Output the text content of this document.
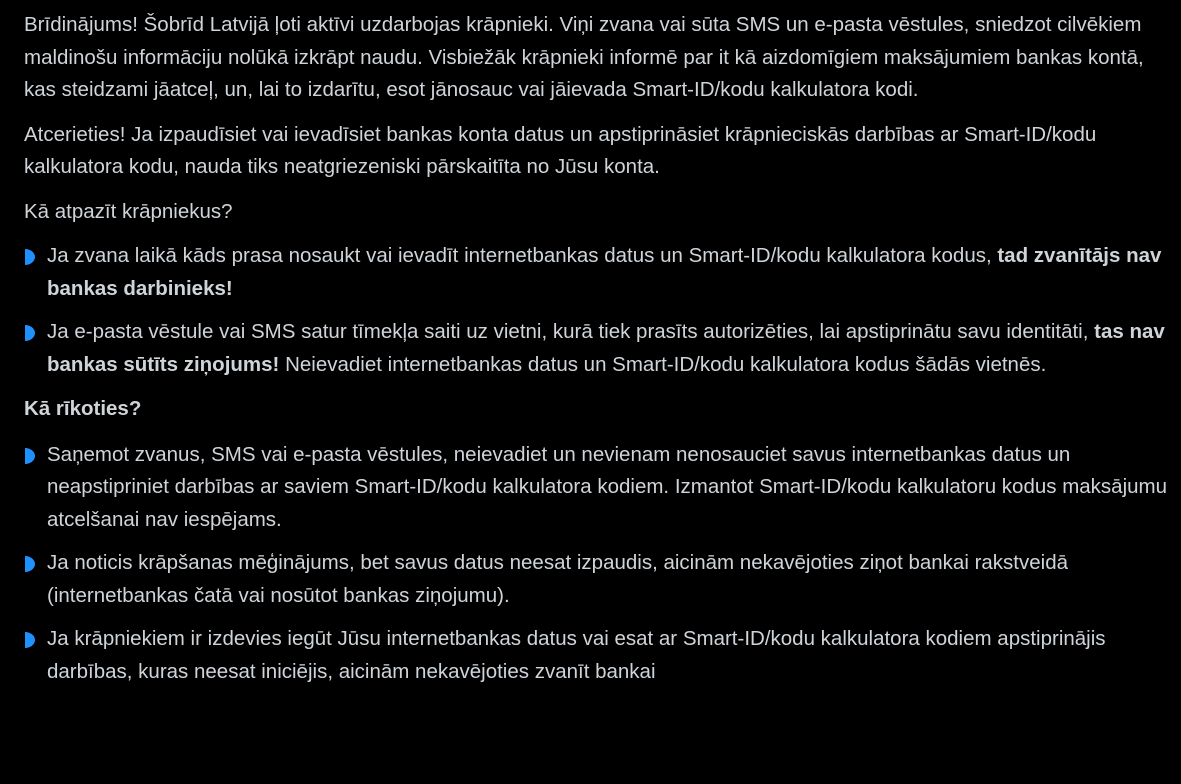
Brīdinājums! Šobrīd Latvijā ļoti aktīvi uzdarbojas krāpnieki. Viņi zvana vai sūta SMS un e-pasta vēstules, sniedzot cilvēkiem maldinošu informāciju nolūkā izkrāpt naudu. Visbiežāk krāpnieki informē par it kā aizdomīgiem maksājumiem bankas kontā, kas steidzami jāatceļ, un, lai to izdarītu, esot jānosauc vai jāievada Smart-ID/kodu kalkulatora kodi.

Atcerieties! Ja izpaudīsiet vai ievadīsiet bankas konta datus un apstiprināsiet krāpnieciskās darbības ar Smart-ID/kodu kalkulatora kodu, nauda tiks neatgriezeniski pārskaitīta no Jūsu konta.

Kā atpazīt krāpniekus?

Ja zvana laikā kāds prasa nosaukt vai ievadīt internetbankas datus un Smart-ID/kodu kalkulatora kodus, tad zvanītājs nav bankas darbinieks!
Ja e-pasta vēstule vai SMS satur tīmekļa saiti uz vietni, kurā tiek prasīts autorizēties, lai apstiprinātu savu identitāti, tas nav bankas sūtīts ziņojums! Neievadiet internetbankas datus un Smart-ID/kodu kalkulatora kodus šādās vietnēs.

Kā rīkoties?

Saņemot zvanus, SMS vai e-pasta vēstules, neievadiet un nevienam nenosauciet savus internetbankas datus un neapstipriniet darbības ar saviem Smart-ID/kodu kalkulatora kodiem. Izmantot Smart-ID/kodu kalkulatoru kodus maksājumu atcelšanai nav iespējams.
Ja noticis krāpšanas mēģinājums, bet savus datus neesat izpaudis, aicinām nekavējoties ziņot bankai rakstveidā (internetbankas čatā vai nosūtot bankas ziņojumu).
Ja krāpniekiem ir izdevies iegūt Jūsu internetbankas datus vai esat ar Smart-ID/kodu kalkulatora kodiem apstiprinājis darbības, kuras neesat iniciējis, aicinām nekavējoties zvanīt bankai
